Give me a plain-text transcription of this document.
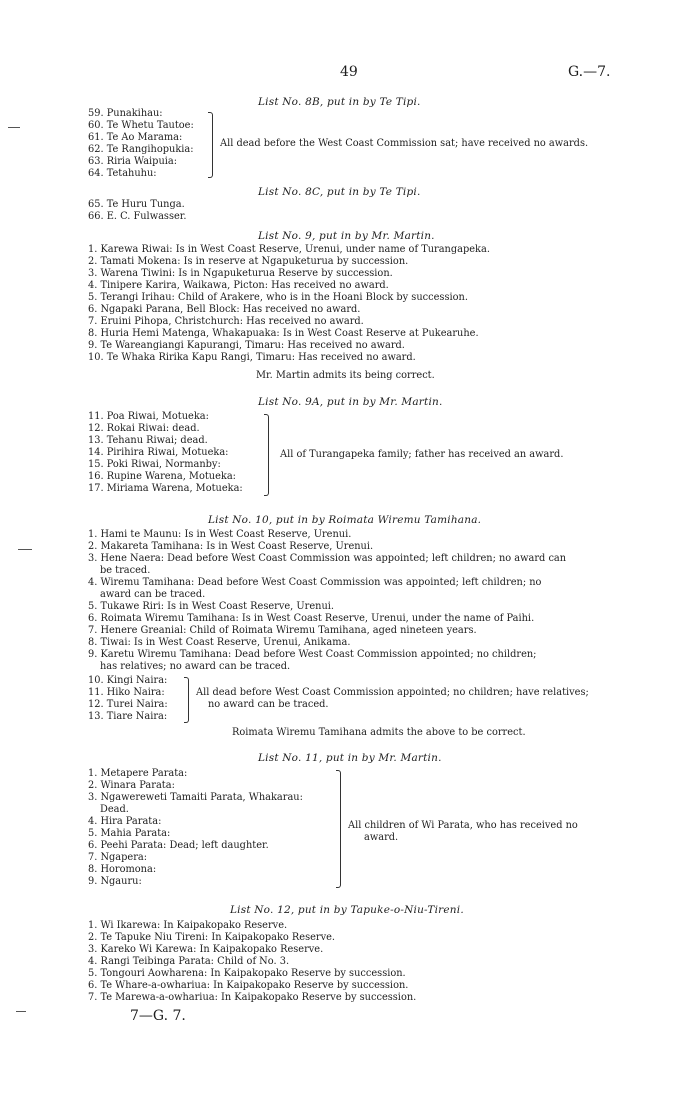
49	G.—7.
List No. 8B, put in by Te Tipi.
59. Punakihau:
60. Te Whetu Tautoe:
61. Te Ao Marama:
62. Te Rangihopukia:
63. Riria Waipuia:
64. Tetahuhu:
All dead before the West Coast Commission sat; have received no awards.
List No. 8C, put in by Te Tipi.
65. Te Huru Tunga.
66. E. C. Fulwasser.
List No. 9, put in by Mr. Martin.
1. Karewa Riwai: Is in West Coast Reserve, Urenui, under name of Turangapeka.
2. Tamati Mokena: Is in reserve at Ngapuketurua by succession.
3. Warena Tiwini: Is in Ngapuketurua Reserve by succession.
4. Tinipere Karira, Waikawa, Picton: Has received no award.
5. Terangi Irihau: Child of Arakere, who is in the Hoani Block by succession.
6. Ngapaki Parana, Bell Block: Has received no award.
7. Eruini Pihopa, Christchurch: Has received no award.
8. Huria Hemi Matenga, Whakapuaka: Is in West Coast Reserve at Pukearuhe.
9. Te Wareangiangi Kapurangi, Timaru: Has received no award.
10. Te Whaka Ririka Kapu Rangi, Timaru: Has received no award.
Mr. Martin admits its being correct.
List No. 9A, put in by Mr. Martin.
11. Poa Riwai, Motueka:
12. Rokai Riwai: dead.
13. Tehanu Riwai; dead.
14. Pirihira Riwai, Motueka:
15. Poki Riwai, Normanby:
16. Rupine Warena, Motueka:
17. Miriama Warena, Motueka:
All of Turangapeka family; father has received an award.
List No. 10, put in by Roimata Wiremu Tamihana.
1. Hami te Maunu: Is in West Coast Reserve, Urenui.
2. Makareta Tamihana: Is in West Coast Reserve, Urenui.
3. Hene Naera: Dead before West Coast Commission was appointed; left children; no award can
be traced.
4. Wiremu Tamihana: Dead before West Coast Commission was appointed; left children; no
award can be traced.
5. Tukawe Riri: Is in West Coast Reserve, Urenui.
6. Roimata Wiremu Tamihana: Is in West Coast Reserve, Urenui, under the name of Paihi.
7. Henere Greanial: Child of Roimata Wiremu Tamihana, aged nineteen years.
8. Tiwai: Is in West Coast Reserve, Urenui, Anikama.
9. Karetu Wiremu Tamihana: Dead before West Coast Commission appointed; no children;
has relatives; no award can be traced.
10. Kingi Naira:
11. Hiko Naira:
12. Turei Naira:
13. Tiare Naira:
All dead before West Coast Commission appointed; no children; have relatives;
no award can be traced.
Roimata Wiremu Tamihana admits the above to be correct.
List No. 11, put in by Mr. Martin.
1. Metapere Parata:
2. Winara Parata:
3. Ngawereweti Tamaiti Parata, Whakarau:
Dead.
4. Hira Parata:
5. Mahia Parata:
6. Peehi Parata: Dead; left daughter.
7. Ngapera:
8. Horomona:
9. Ngauru:
All children of Wi Parata, who has received no
award.
List No. 12, put in by Tapuke-o-Niu-Tireni.
1. Wi Ikarewa: In Kaipakopako Reserve.
2. Te Tapuke Niu Tireni: In Kaipakopako Reserve.
3. Kareko Wi Karewa: In Kaipakopako Reserve.
4. Rangi Teibinga Parata: Child of No. 3.
5. Tongouri Aowharena: In Kaipakopako Reserve by succession.
6. Te Whare-a-owhariua: In Kaipakopako Reserve by succession.
7. Te Marewa-a-owhariua: In Kaipakopako Reserve by succession.
7—G. 7.
